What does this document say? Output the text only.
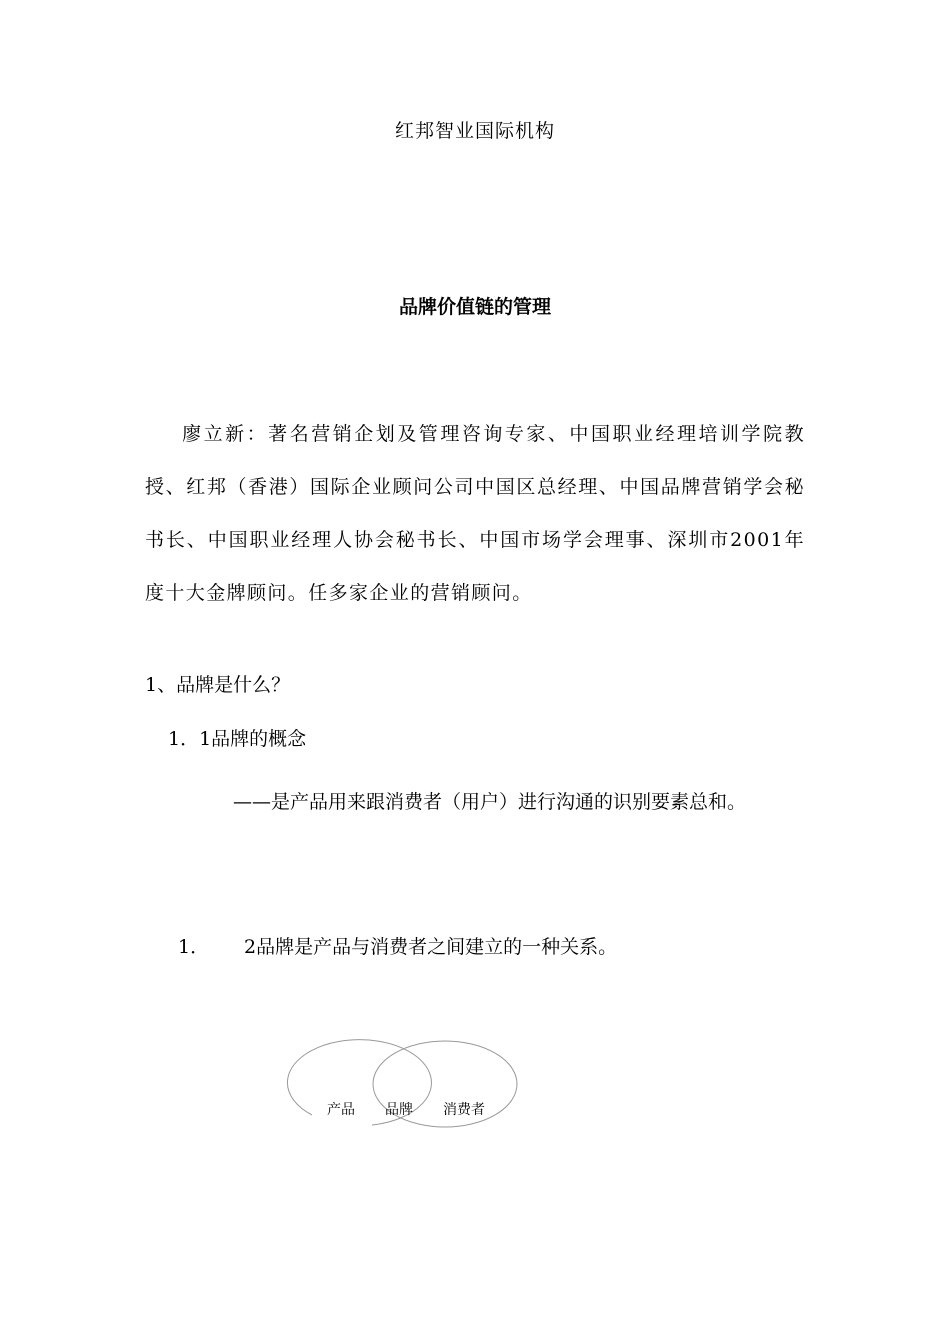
红邦智业国际机构
品牌价值链的管理
廖立新：著名营销企划及管理咨询专家、中国职业经理培训学院教授、红邦（香港）国际企业顾问公司中国区总经理、中国品牌营销学会秘书长、中国职业经理人协会秘书长、中国市场学会理事、深圳市2001年度十大金牌顾问。任多家企业的营销顾问。
1、品牌是什么？
1．1品牌的概念
——是产品用来跟消费者（用户）进行沟通的识别要素总和。
1． 2品牌是产品与消费者之间建立的一种关系。
产品 品牌 消费者
